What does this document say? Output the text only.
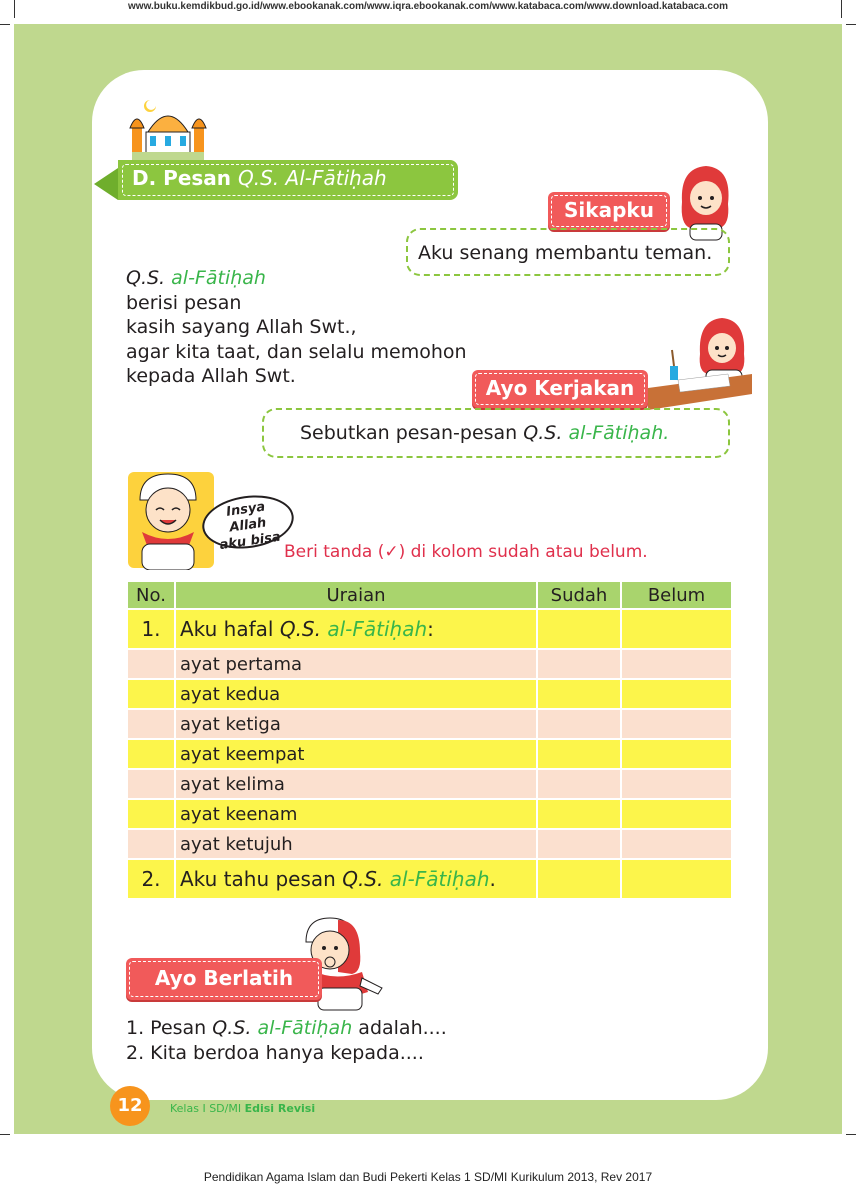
www.buku.kemdikbud.go.id/www.ebookanak.com/www.iqra.ebookanak.com/www.katabaca.com/www.download.katabaca.com
D. Pesan Q.S. Al-Fātiḥah
Sikapku
Aku senang membantu teman.
Q.S. al-Fātiḥah
berisi pesan
kasih sayang Allah Swt.,
agar kita taat, dan selalu memohon
kepada Allah Swt.	Ayo Kerjakan
Sebutkan pesan-pesan Q.S. al-Fātiḥah.
Insya Allah
aku bisa Beri tanda (✓) di kolom sudah atau belum.
No.	Uraian	Sudah	Belum
1.	Aku hafal Q.S. al-Fātiḥah:		
	ayat pertama		
	ayat kedua		
	ayat ketiga		
	ayat keempat		
	ayat kelima		
	ayat keenam		
	ayat ketujuh		
2.	Aku tahu pesan Q.S. al-Fātiḥah.		
Ayo Berlatih
1. Pesan Q.S. al-Fātiḥah adalah....
2. Kita berdoa hanya kepada....
12	Kelas I SD/MI Edisi Revisi
Pendidikan Agama Islam dan Budi Pekerti Kelas 1 SD/MI Kurikulum 2013, Rev 2017
